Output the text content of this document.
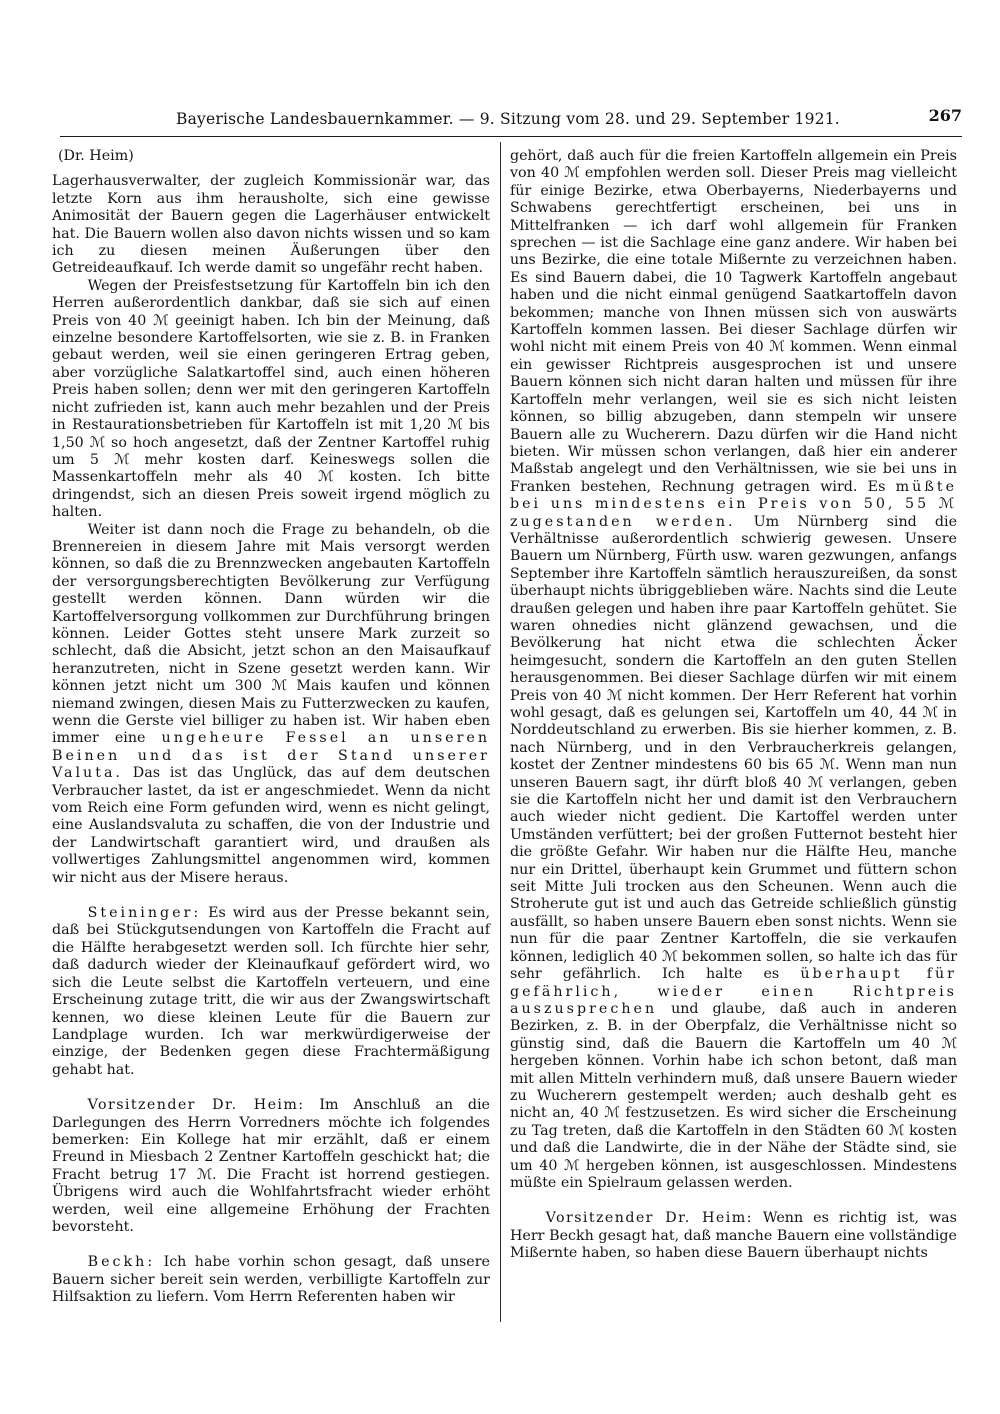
Bayerische Landesbauernkammer. — 9. Sitzung vom 28. und 29. September 1921.	267

(Dr. Heim)

Lagerhausverwalter, der zugleich Kommissionär war, das letzte Korn aus ihm herausholte, sich eine gewisse Animosität der Bauern gegen die Lagerhäuser entwickelt hat. Die Bauern wollen also davon nichts wissen und so kam ich zu diesen meinen Äußerungen über den Getreideaufkauf. Ich werde damit so ungefähr recht haben.

Wegen der Preisfestsetzung für Kartoffeln bin ich den Herren außerordentlich dankbar, daß sie sich auf einen Preis von 40 ℳ geeinigt haben. Ich bin der Meinung, daß einzelne besondere Kartoffelsorten, wie sie z. B. in Franken gebaut werden, weil sie einen geringeren Ertrag geben, aber vorzügliche Salatkartoffel sind, auch einen höheren Preis haben sollen; denn wer mit den geringeren Kartoffeln nicht zufrieden ist, kann auch mehr bezahlen und der Preis in Restaurationsbetrieben für Kartoffeln ist mit 1,20 ℳ bis 1,50 ℳ so hoch angesetzt, daß der Zentner Kartoffel ruhig um 5 ℳ mehr kosten darf. Keineswegs sollen die Massenkartoffeln mehr als 40 ℳ kosten. Ich bitte dringendst, sich an diesen Preis soweit irgend möglich zu halten.

Weiter ist dann noch die Frage zu behandeln, ob die Brennereien in diesem Jahre mit Mais versorgt werden können, so daß die zu Brennzwecken angebauten Kartoffeln der versorgungsberechtigten Bevölkerung zur Verfügung gestellt werden können. Dann würden wir die Kartoffelversorgung vollkommen zur Durchführung bringen können. Leider Gottes steht unsere Mark zurzeit so schlecht, daß die Absicht, jetzt schon an den Maisaufkauf heranzutreten, nicht in Szene gesetzt werden kann. Wir können jetzt nicht um 300 ℳ Mais kaufen und können niemand zwingen, diesen Mais zu Futterzwecken zu kaufen, wenn die Gerste viel billiger zu haben ist. Wir haben eben immer eine ungeheure Fessel an unseren Beinen und das ist der Stand unserer Valuta. Das ist das Unglück, das auf dem deutschen Verbraucher lastet, da ist er angeschmiedet. Wenn da nicht vom Reich eine Form gefunden wird, wenn es nicht gelingt, eine Auslandsvaluta zu schaffen, die von der Industrie und der Landwirtschaft garantiert wird, und draußen als vollwertiges Zahlungsmittel angenommen wird, kommen wir nicht aus der Misere heraus.

Steininger: Es wird aus der Presse bekannt sein, daß bei Stückgutsendungen von Kartoffeln die Fracht auf die Hälfte herabgesetzt werden soll. Ich fürchte hier sehr, daß dadurch wieder der Kleinaufkauf gefördert wird, wo sich die Leute selbst die Kartoffeln verteuern, und eine Erscheinung zutage tritt, die wir aus der Zwangswirtschaft kennen, wo diese kleinen Leute für die Bauern zur Landplage wurden. Ich war merkwürdigerweise der einzige, der Bedenken gegen diese Frachtermäßigung gehabt hat.

Vorsitzender Dr. Heim: Im Anschluß an die Darlegungen des Herrn Vorredners möchte ich folgendes bemerken: Ein Kollege hat mir erzählt, daß er einem Freund in Miesbach 2 Zentner Kartoffeln geschickt hat; die Fracht betrug 17 ℳ. Die Fracht ist horrend gestiegen. Übrigens wird auch die Wohlfahrtsfracht wieder erhöht werden, weil eine allgemeine Erhöhung der Frachten bevorsteht.

Beckh: Ich habe vorhin schon gesagt, daß unsere Bauern sicher bereit sein werden, verbilligte Kartoffeln zur Hilfsaktion zu liefern. Vom Herrn Referenten haben wir

gehört, daß auch für die freien Kartoffeln allgemein ein Preis von 40 ℳ empfohlen werden soll. Dieser Preis mag vielleicht für einige Bezirke, etwa Oberbayerns, Niederbayerns und Schwabens gerechtfertigt erscheinen, bei uns in Mittelfranken — ich darf wohl allgemein für Franken sprechen — ist die Sachlage eine ganz andere. Wir haben bei uns Bezirke, die eine totale Mißernte zu verzeichnen haben. Es sind Bauern dabei, die 10 Tagwerk Kartoffeln angebaut haben und die nicht einmal genügend Saatkartoffeln davon bekommen; manche von Ihnen müssen sich von auswärts Kartoffeln kommen lassen. Bei dieser Sachlage dürfen wir wohl nicht mit einem Preis von 40 ℳ kommen. Wenn einmal ein gewisser Richtpreis ausgesprochen ist und unsere Bauern können sich nicht daran halten und müssen für ihre Kartoffeln mehr verlangen, weil sie es sich nicht leisten können, so billig abzugeben, dann stempeln wir unsere Bauern alle zu Wucherern. Dazu dürfen wir die Hand nicht bieten. Wir müssen schon verlangen, daß hier ein anderer Maßstab angelegt und den Verhältnissen, wie sie bei uns in Franken bestehen, Rechnung getragen wird. Es müßte bei uns mindestens ein Preis von 50, 55 ℳ zugestanden werden. Um Nürnberg sind die Verhältnisse außerordentlich schwierig gewesen. Unsere Bauern um Nürnberg, Fürth usw. waren gezwungen, anfangs September ihre Kartoffeln sämtlich herauszureißen, da sonst überhaupt nichts übriggeblieben wäre. Nachts sind die Leute draußen gelegen und haben ihre paar Kartoffeln gehütet. Sie waren ohnedies nicht glänzend gewachsen, und die Bevölkerung hat nicht etwa die schlechten Äcker heimgesucht, sondern die Kartoffeln an den guten Stellen herausgenommen. Bei dieser Sachlage dürfen wir mit einem Preis von 40 ℳ nicht kommen. Der Herr Referent hat vorhin wohl gesagt, daß es gelungen sei, Kartoffeln um 40, 44 ℳ in Norddeutschland zu erwerben. Bis sie hierher kommen, z. B. nach Nürnberg, und in den Verbraucherkreis gelangen, kostet der Zentner mindestens 60 bis 65 ℳ. Wenn man nun unseren Bauern sagt, ihr dürft bloß 40 ℳ verlangen, geben sie die Kartoffeln nicht her und damit ist den Verbrauchern auch wieder nicht gedient. Die Kartoffel werden unter Umständen verfüttert; bei der großen Futternot besteht hier die größte Gefahr. Wir haben nur die Hälfte Heu, manche nur ein Drittel, überhaupt kein Grummet und füttern schon seit Mitte Juli trocken aus den Scheunen. Wenn auch die Stroherute gut ist und auch das Getreide schließlich günstig ausfällt, so haben unsere Bauern eben sonst nichts. Wenn sie nun für die paar Zentner Kartoffeln, die sie verkaufen können, lediglich 40 ℳ bekommen sollen, so halte ich das für sehr gefährlich. Ich halte es überhaupt für gefährlich, wieder einen Richtpreis auszusprechen und glaube, daß auch in anderen Bezirken, z. B. in der Oberpfalz, die Verhältnisse nicht so günstig sind, daß die Bauern die Kartoffeln um 40 ℳ hergeben können. Vorhin habe ich schon betont, daß man mit allen Mitteln verhindern muß, daß unsere Bauern wieder zu Wucherern gestempelt werden; auch deshalb geht es nicht an, 40 ℳ festzusetzen. Es wird sicher die Erscheinung zu Tag treten, daß die Kartoffeln in den Städten 60 ℳ kosten und daß die Landwirte, die in der Nähe der Städte sind, sie um 40 ℳ hergeben können, ist ausgeschlossen. Mindestens müßte ein Spielraum gelassen werden.

Vorsitzender Dr. Heim: Wenn es richtig ist, was Herr Beckh gesagt hat, daß manche Bauern eine vollständige Mißernte haben, so haben diese Bauern überhaupt nichts
